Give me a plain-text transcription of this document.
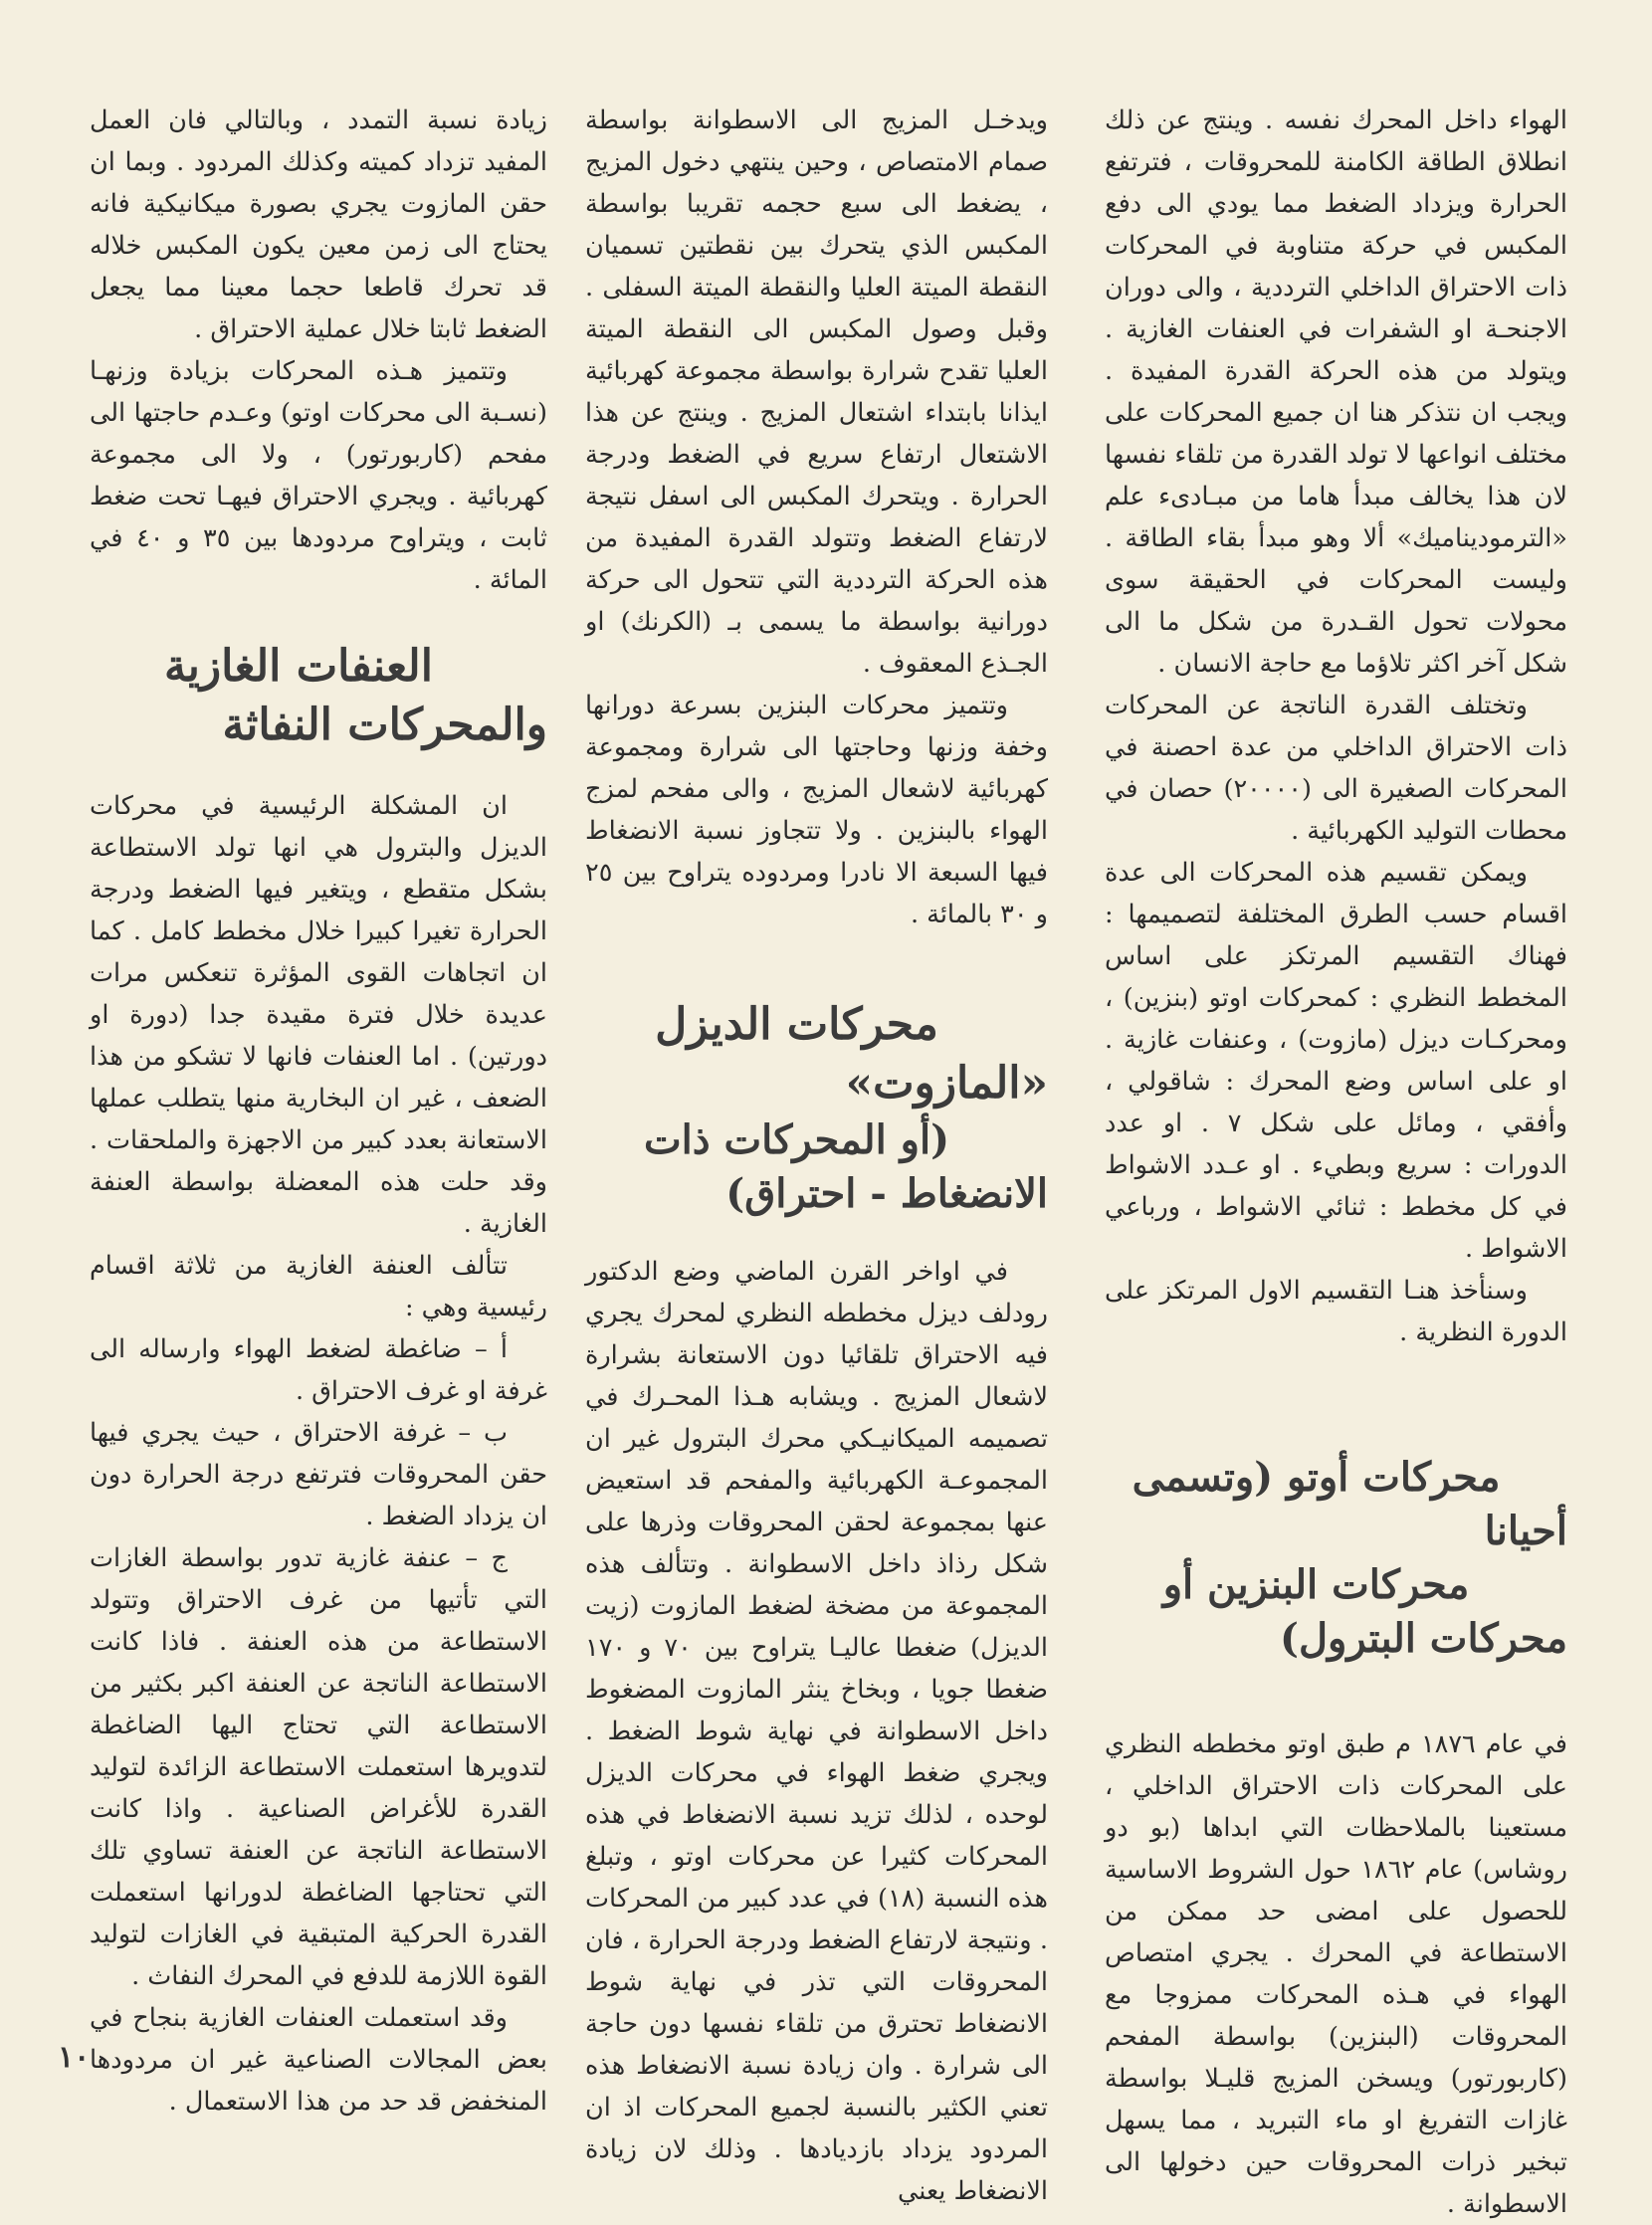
الهواء داخل المحرك نفسه . وينتج عن ذلك انطلاق الطاقة الكامنة للمحروقات ، فترتفع الحرارة ويزداد الضغط مما يودي الى دفع المكبس في حركة متناوبة في المحركات ذات الاحتراق الداخلي الترددية ، والى دوران الاجنحـة او الشفرات في العنفات الغازية . ويتولد من هذه الحركة القدرة المفيدة . ويجب ان نتذكر هنا ان جميع المحركات على مختلف انواعها لا تولد القدرة من تلقاء نفسها لان هذا يخالف مبدأ هاما من مبـادىء علم «الترموديناميك» ألا وهو مبدأ بقاء الطاقة . وليست المحركات في الحقيقة سوى محولات تحول القـدرة من شكل ما الى شكل آخر اكثر تلاؤما مع حاجة الانسان .

وتختلف القدرة الناتجة عن المحركات ذات الاحتراق الداخلي من عدة احصنة في المحركات الصغيرة الى (٢٠٠٠٠) حصان في محطات التوليد الكهربائية .

ويمكن تقسيم هذه المحركات الى عدة اقسام حسب الطرق المختلفة لتصميمها : فهناك التقسيم المرتكز على اساس المخطط النظري : كمحركات اوتو (بنزين) ، ومحركـات ديزل (مازوت) ، وعنفات غازية . او على اساس وضع المحرك : شاقولي ، وأفقي ، ومائل على شكل ٧ . او عدد الدورات : سريع وبطيء . او عـدد الاشواط في كل مخطط : ثنائي الاشواط ، ورباعي الاشواط .

وسنأخذ هنـا التقسيم الاول المرتكز على الدورة النظرية .

محركات أوتو (وتسمى أحيانا

محركات البنزين أو محركات البترول)

في عام ١٨٧٦ م طبق اوتو مخططه النظري على المحركات ذات الاحتراق الداخلي ، مستعينا بالملاحظات التي ابداها (بو دو روشاس) عام ١٨٦٢ حول الشروط الاساسية للحصول على امضى حد ممكن من الاستطاعة في المحرك . يجري امتصاص الهواء في هـذه المحركات ممزوجا مع المحروقات (البنزين) بواسطة المفحم (كاربورتور) ويسخن المزيج قليـلا بواسطة غازات التفريغ او ماء التبريد ، مما يسهل تبخير ذرات المحروقات حين دخولها الى الاسطوانة .

ويدخـل المزيج الى الاسطوانة بواسطة صمام الامتصاص ، وحين ينتهي دخول المزيج ، يضغط الى سبع حجمه تقريبا بواسطة المكبس الذي يتحرك بين نقطتين تسميان النقطة الميتة العليا والنقطة الميتة السفلى . وقبل وصول المكبس الى النقطة الميتة العليا تقدح شرارة بواسطة مجموعة كهربائية ايذانا بابتداء اشتعال المزيج . وينتج عن هذا الاشتعال ارتفاع سريع في الضغط ودرجة الحرارة . ويتحرك المكبس الى اسفل نتيجة لارتفاع الضغط وتتولد القدرة المفيدة من هذه الحركة الترددية التي تتحول الى حركة دورانية بواسطة ما يسمى بـ (الكرنك) او الجـذع المعقوف .

وتتميز محركات البنزين بسرعة دورانها وخفة وزنها وحاجتها الى شرارة ومجموعة كهربائية لاشعال المزيج ، والى مفحم لمزج الهواء بالبنزين . ولا تتجاوز نسبة الانضغاط فيها السبعة الا نادرا ومردوده يتراوح بين ٢٥ و ٣٠ بالمائة .

محركات الديزل «المازوت»

(أو المحركات ذات الانضغاط - احتراق)

في اواخر القرن الماضي وضع الدكتور رودلف ديزل مخططه النظري لمحرك يجري فيه الاحتراق تلقائيا دون الاستعانة بشرارة لاشعال المزيج . ويشابه هـذا المحـرك في تصميمه الميكانيـكي محرك البترول غير ان المجموعـة الكهربائية والمفحم قد استعيض عنها بمجموعة لحقن المحروقات وذرها على شكل رذاذ داخل الاسطوانة . وتتألف هذه المجموعة من مضخة لضغط المازوت (زيت الديزل) ضغطا عاليـا يتراوح بين ٧٠ و ١٧٠ ضغطا جويا ، وبخاخ ينثر المازوت المضغوط داخل الاسطوانة في نهاية شوط الضغط . ويجري ضغط الهواء في محركات الديزل لوحده ، لذلك تزيد نسبة الانضغاط في هذه المحركات كثيرا عن محركات اوتو ، وتبلغ هذه النسبة (١٨) في عدد كبير من المحركات . ونتيجة لارتفاع الضغط ودرجة الحرارة ، فان المحروقات التي تذر في نهاية شوط الانضغاط تحترق من تلقاء نفسها دون حاجة الى شرارة . وان زيادة نسبة الانضغاط هذه تعني الكثير بالنسبة لجميع المحركات اذ ان المردود يزداد بازديادها . وذلك لان زيادة الانضغاط يعني

زيادة نسبة التمدد ، وبالتالي فان العمل المفيد تزداد كميته وكذلك المردود . وبما ان حقن المازوت يجري بصورة ميكانيكية فانه يحتاج الى زمن معين يكون المكبس خلاله قد تحرك قاطعا حجما معينا مما يجعل الضغط ثابتا خلال عملية الاحتراق .

وتتميز هـذه المحركات بزيادة وزنهـا (نسـبة الى محركات اوتو) وعـدم حاجتها الى مفحم (كاربورتور) ، ولا الى مجموعة كهربائية . ويجري الاحتراق فيهـا تحت ضغط ثابت ، ويتراوح مردودها بين ٣٥ و ٤٠ في المائة .

العنفات الغازية والمحركات النفاثة

ان المشكلة الرئيسية في محركات الديزل والبترول هي انها تولد الاستطاعة بشكل متقطع ، ويتغير فيها الضغط ودرجة الحرارة تغيرا كبيرا خلال مخطط كامل . كما ان اتجاهات القوى المؤثرة تنعكس مرات عديدة خلال فترة مقيدة جدا (دورة او دورتين) . اما العنفات فانها لا تشكو من هذا الضعف ، غير ان البخارية منها يتطلب عملها الاستعانة بعدد كبير من الاجهزة والملحقات . وقد حلت هذه المعضلة بواسطة العنفة الغازية .

تتألف العنفة الغازية من ثلاثة اقسام رئيسية وهي :

أ – ضاغطة لضغط الهواء وارساله الى غرفة او غرف الاحتراق .

ب – غرفة الاحتراق ، حيث يجري فيها حقن المحروقات فترتفع درجة الحرارة دون ان يزداد الضغط .

ج – عنفة غازية تدور بواسطة الغازات التي تأتيها من غرف الاحتراق وتتولد الاستطاعة من هذه العنفة . فاذا كانت الاستطاعة الناتجة عن العنفة اكبر بكثير من الاستطاعة التي تحتاج اليها الضاغطة لتدويرها استعملت الاستطاعة الزائدة لتوليد القدرة للأغراض الصناعية . واذا كانت الاستطاعة الناتجة عن العنفة تساوي تلك التي تحتاجها الضاغطة لدورانها استعملت القدرة الحركية المتبقية في الغازات لتوليد القوة اللازمة للدفع في المحرك النفاث .

وقد استعملت العنفات الغازية بنجاح في بعض المجالات الصناعية غير ان مردودها المنخفض قد حد من هذا الاستعمال .

١٠
